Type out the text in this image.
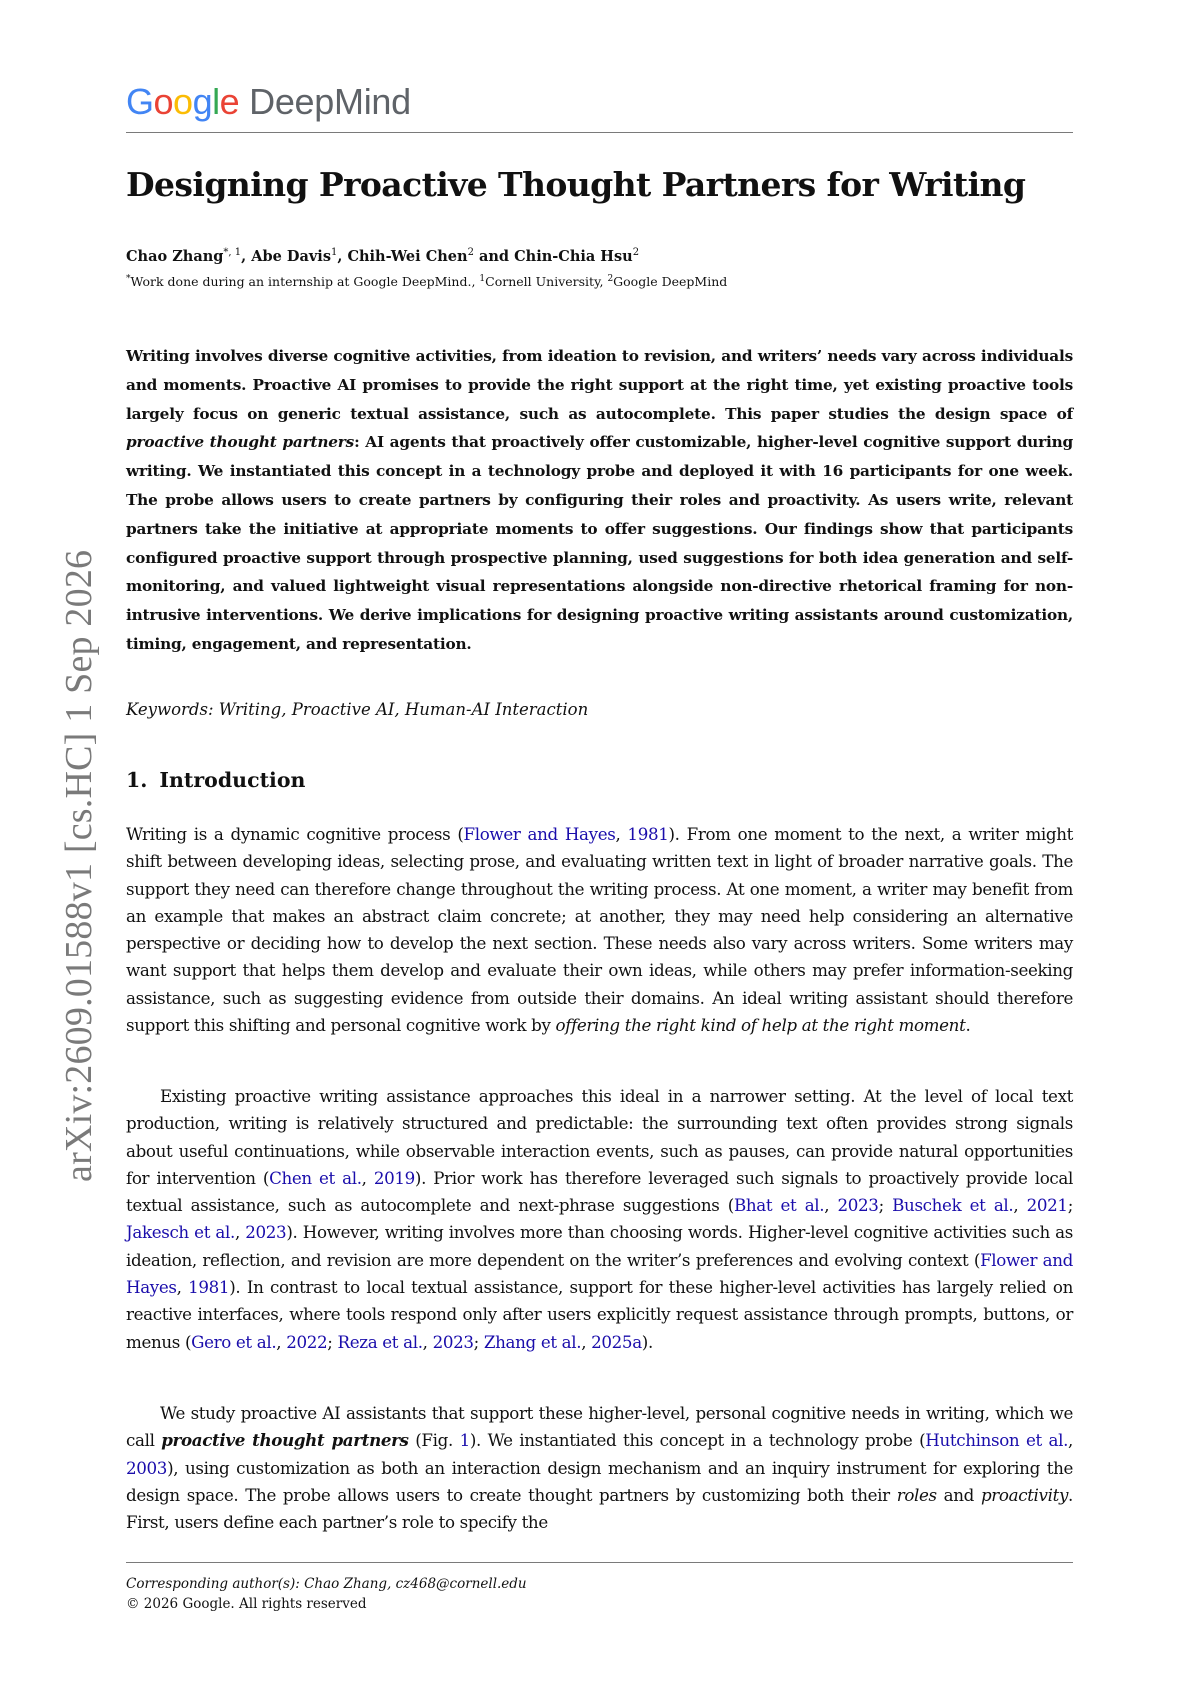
Google DeepMind
arXiv:2609.01588v1 [cs.HC] 1 Sep 2026
Designing Proactive Thought Partners for Writing
Chao Zhang$^{*, 1}$, Abe Davis$^1$, Chih-Wei Chen$^2$ and Chin-Chia Hsu$^2$
*Work done during an internship at Google DeepMind., $^1$Cornell University, $^2$Google DeepMind
Writing involves diverse cognitive activities, from ideation to revision, and writers’ needs vary across individuals and moments. Proactive AI promises to provide the right support at the right time, yet existing proactive tools largely focus on generic textual assistance, such as autocomplete. This paper studies the design space of proactive thought partners: AI agents that proactively offer customizable, higher-level cognitive support during writing. We instantiated this concept in a technology probe and deployed it with 16 participants for one week. The probe allows users to create partners by configuring their roles and proactivity. As users write, relevant partners take the initiative at appropriate moments to offer suggestions. Our findings show that participants configured proactive support through prospective planning, used suggestions for both idea generation and self-monitoring, and valued lightweight visual representations alongside non-directive rhetorical framing for non-intrusive interventions. We derive implications for designing proactive writing assistants around customization, timing, engagement, and representation.
Keywords: Writing, Proactive AI, Human-AI Interaction
1. Introduction

Writing is a dynamic cognitive process (Flower and Hayes, 1981). From one moment to the next, a writer might shift between developing ideas, selecting prose, and evaluating written text in light of broader narrative goals. The support they need can therefore change throughout the writing process. At one moment, a writer may benefit from an example that makes an abstract claim concrete; at another, they may need help considering an alternative perspective or deciding how to develop the next section. These needs also vary across writers. Some writers may want support that helps them develop and evaluate their own ideas, while others may prefer information-seeking assistance, such as suggesting evidence from outside their domains. An ideal writing assistant should therefore support this shifting and personal cognitive work by offering the right kind of help at the right moment.

Existing proactive writing assistance approaches this ideal in a narrower setting. At the level of local text production, writing is relatively structured and predictable: the surrounding text often provides strong signals about useful continuations, while observable interaction events, such as pauses, can provide natural opportunities for intervention (Chen et al., 2019). Prior work has therefore leveraged such signals to proactively provide local textual assistance, such as autocomplete and next-phrase suggestions (Bhat et al., 2023; Buschek et al., 2021; Jakesch et al., 2023). However, writing involves more than choosing words. Higher-level cognitive activities such as ideation, reflection, and revision are more dependent on the writer’s preferences and evolving context (Flower and Hayes, 1981). In contrast to local textual assistance, support for these higher-level activities has largely relied on reactive interfaces, where tools respond only after users explicitly request assistance through prompts, buttons, or menus (Gero et al., 2022; Reza et al., 2023; Zhang et al., 2025a).

We study proactive AI assistants that support these higher-level, personal cognitive needs in writing, which we call proactive thought partners (Fig. 1). We instantiated this concept in a technology probe (Hutchinson et al., 2003), using customization as both an interaction design mechanism and an inquiry instrument for exploring the design space. The probe allows users to create thought partners by customizing both their roles and proactivity. First, users define each partner’s role to specify the

Corresponding author(s): Chao Zhang, cz468@cornell.edu
© 2026 Google. All rights reserved
